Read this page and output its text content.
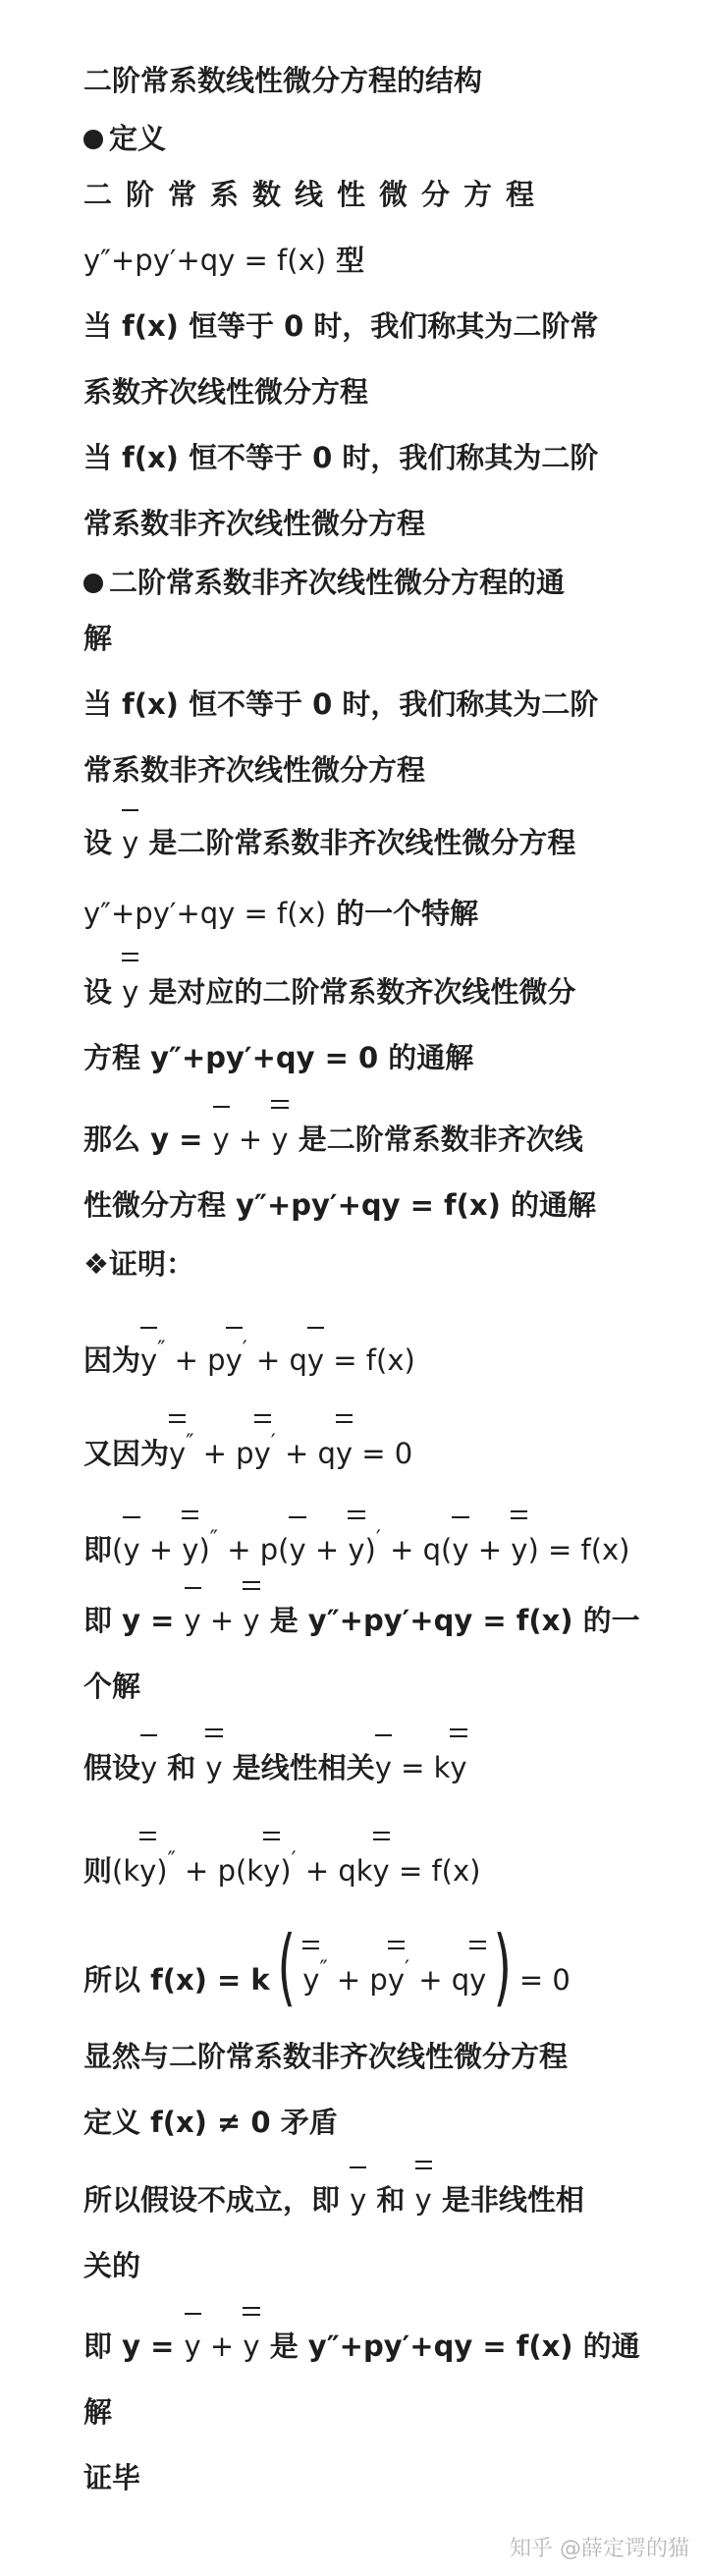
二阶常系数线性微分方程的结构
定义
二阶常系数线性微分方程
y″+py′+qy = f(x) 型
当 f(x) 恒等于 0 时，我们称其为二阶常
系数齐次线性微分方程
当 f(x) 恒不等于 0 时，我们称其为二阶
常系数非齐次线性微分方程
二阶常系数非齐次线性微分方程的通
解
当 f(x) 恒不等于 0 时，我们称其为二阶
常系数非齐次线性微分方程
设 y 是二阶常系数非齐次线性微分方程
y″+py′+qy = f(x) 的一个特解
设 y 是对应的二阶常系数齐次线性微分
方程 y″+py′+qy = 0 的通解
那么 y = y + y 是二阶常系数非齐次线
性微分方程 y″+py′+qy = f(x) 的通解
❖证明：
因为y″ + py′ + qy = f(x)
又因为y″ + py′ + qy = 0
即(y + y)″ + p(y + y)′ + q(y + y) = f(x)
即 y = y + y 是 y″+py′+qy = f(x) 的一
个解
假设y 和 y 是线性相关y = ky
则(ky)″ + p(ky)′ + qky = f(x)
所以 f(x) = k( y″ + py′ + qy) = 0
显然与二阶常系数非齐次线性微分方程
定义 f(x) ≠ 0 矛盾
所以假设不成立，即 y 和 y 是非线性相
关的
即 y = y + y 是 y″+py′+qy = f(x) 的通
解
证毕
知乎 @薛定谔的猫
